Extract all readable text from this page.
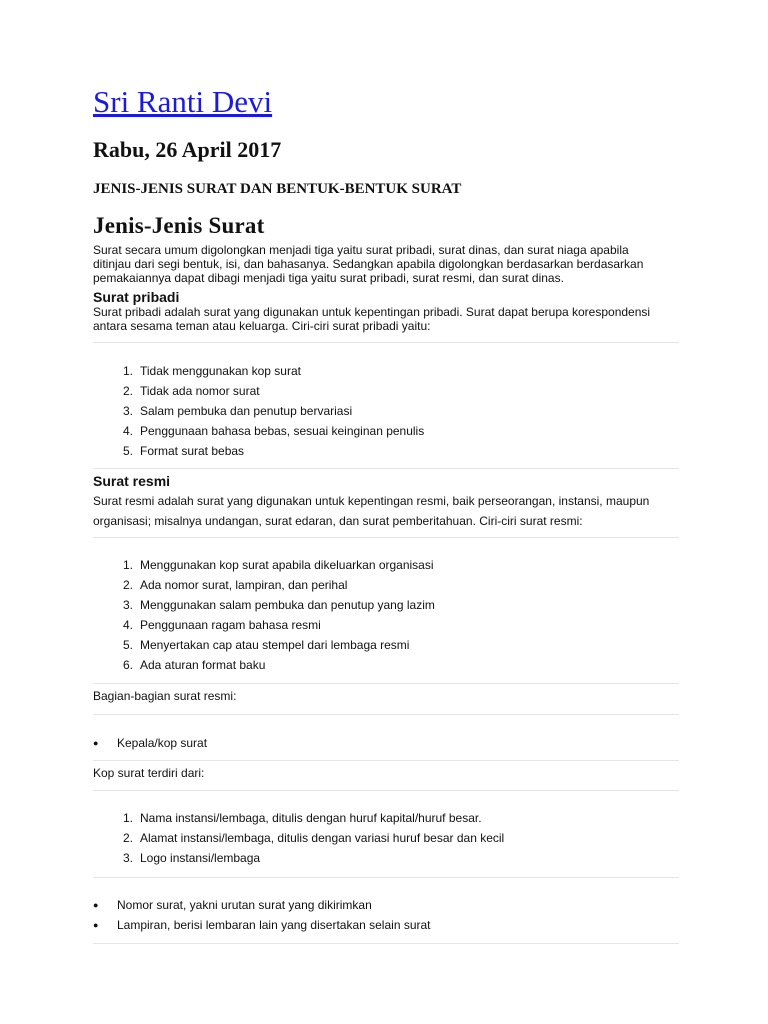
Sri Ranti Devi
Rabu, 26 April 2017
JENIS-JENIS SURAT DAN BENTUK-BENTUK SURAT
Jenis-Jenis Surat
Surat secara umum digolongkan menjadi tiga yaitu surat pribadi, surat dinas, dan surat niaga apabila
ditinjau dari segi bentuk, isi, dan bahasanya. Sedangkan apabila digolongkan berdasarkan berdasarkan
pemakaiannya dapat dibagi menjadi tiga yaitu surat pribadi, surat resmi, dan surat dinas.
Surat pribadi
Surat pribadi adalah surat yang digunakan untuk kepentingan pribadi. Surat dapat berupa korespondensi
antara sesama teman atau keluarga. Ciri-ciri surat pribadi yaitu:
1. Tidak menggunakan kop surat
2. Tidak ada nomor surat
3. Salam pembuka dan penutup bervariasi
4. Penggunaan bahasa bebas, sesuai keinginan penulis
5. Format surat bebas
Surat resmi
Surat resmi adalah surat yang digunakan untuk kepentingan resmi, baik perseorangan, instansi, maupun
organisasi; misalnya undangan, surat edaran, dan surat pemberitahuan. Ciri-ciri surat resmi:
1. Menggunakan kop surat apabila dikeluarkan organisasi
2. Ada nomor surat, lampiran, dan perihal
3. Menggunakan salam pembuka dan penutup yang lazim
4. Penggunaan ragam bahasa resmi
5. Menyertakan cap atau stempel dari lembaga resmi
6. Ada aturan format baku
Bagian-bagian surat resmi:
● Kepala/kop surat
Kop surat terdiri dari:
1. Nama instansi/lembaga, ditulis dengan huruf kapital/huruf besar.
2. Alamat instansi/lembaga, ditulis dengan variasi huruf besar dan kecil
3. Logo instansi/lembaga
● Nomor surat, yakni urutan surat yang dikirimkan
● Lampiran, berisi lembaran lain yang disertakan selain surat
